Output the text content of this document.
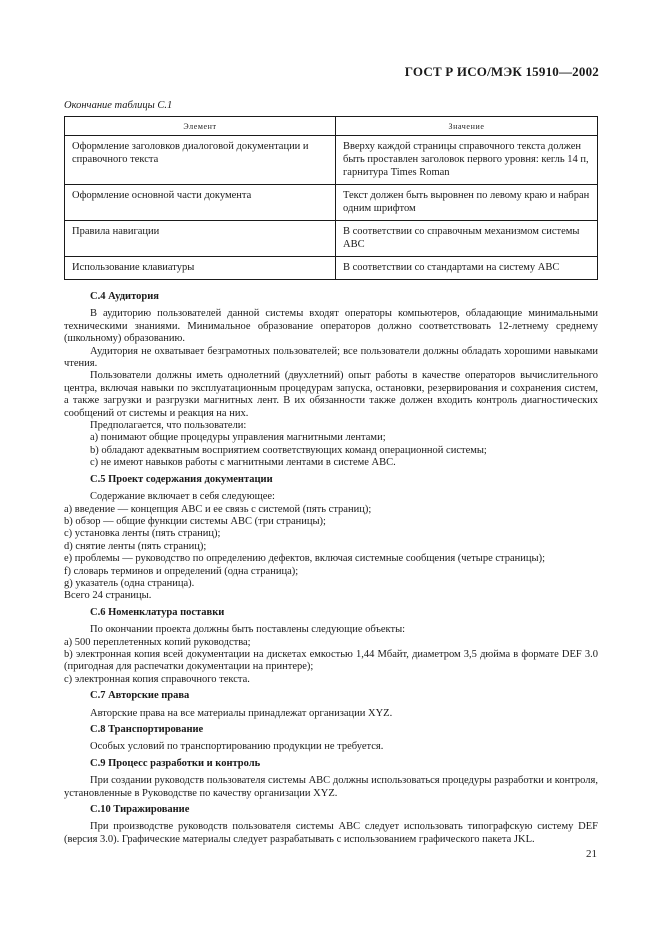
ГОСТ Р ИСО/МЭК 15910—2002
Окончание таблицы С.1
Элемент	Значение
Оформление заголовков диалоговой документации и справочного текста	Вверху каждой страницы справочного текста должен быть проставлен заголовок первого уровня: кегль 14 п, гарнитура Times Roman
Оформление основной части документа	Текст должен быть выровнен по левому краю и набран одним шрифтом
Правила навигации	В соответствии со справочным механизмом системы ABC
Использование клавиатуры	В соответствии со стандартами на систему ABC
С.4 Аудитория

В аудиторию пользователей данной системы входят операторы компьютеров, обладающие минимальными техническими знаниями. Минимальное образование операторов должно соответствовать 12-летнему среднему (школьному) образованию.

Аудитория не охватывает безграмотных пользователей; все пользователи должны обладать хорошими навыками чтения.

Пользователи должны иметь однолетний (двухлетний) опыт работы в качестве операторов вычислительного центра, включая навыки по эксплуатационным процедурам запуска, остановки, резервирования и сохранения систем, а также загрузки и разгрузки магнитных лент. В их обязанности также должен входить контроль диагностических сообщений от системы и реакция на них.

Предполагается, что пользователи:

a) понимают общие процедуры управления магнитными лентами;

b) обладают адекватным восприятием соответствующих команд операционной системы;

c) не имеют навыков работы с магнитными лентами в системе ABC.

С.5 Проект содержания документации

Содержание включает в себя следующее:

a) введение — концепция ABC и ее связь с системой (пять страниц);

b) обзор — общие функции системы ABC (три страницы);

c) установка ленты (пять страниц);

d) снятие ленты (пять страниц);

e) проблемы — руководство по определению дефектов, включая системные сообщения (четыре страницы);

f) словарь терминов и определений (одна страница);

g) указатель (одна страница).

Всего 24 страницы.

С.6 Номенклатура поставки

По окончании проекта должны быть поставлены следующие объекты:

a) 500 переплетенных копий руководства;

b) электронная копия всей документации на дискетах емкостью 1,44 Мбайт, диаметром 3,5 дюйма в формате DEF 3.0 (пригодная для распечатки документации на принтере);

c) электронная копия справочного текста.

С.7 Авторские права

Авторские права на все материалы принадлежат организации XYZ.

С.8 Транспортирование

Особых условий по транспортированию продукции не требуется.

С.9 Процесс разработки и контроль

При создании руководств пользователя системы ABC должны использоваться процедуры разработки и контроля, установленные в Руководстве по качеству организации XYZ.

С.10 Тиражирование

При производстве руководств пользователя системы ABC следует использовать типографскую систему DEF (версия 3.0). Графические материалы следует разрабатывать с использованием графического пакета JKL.

21
